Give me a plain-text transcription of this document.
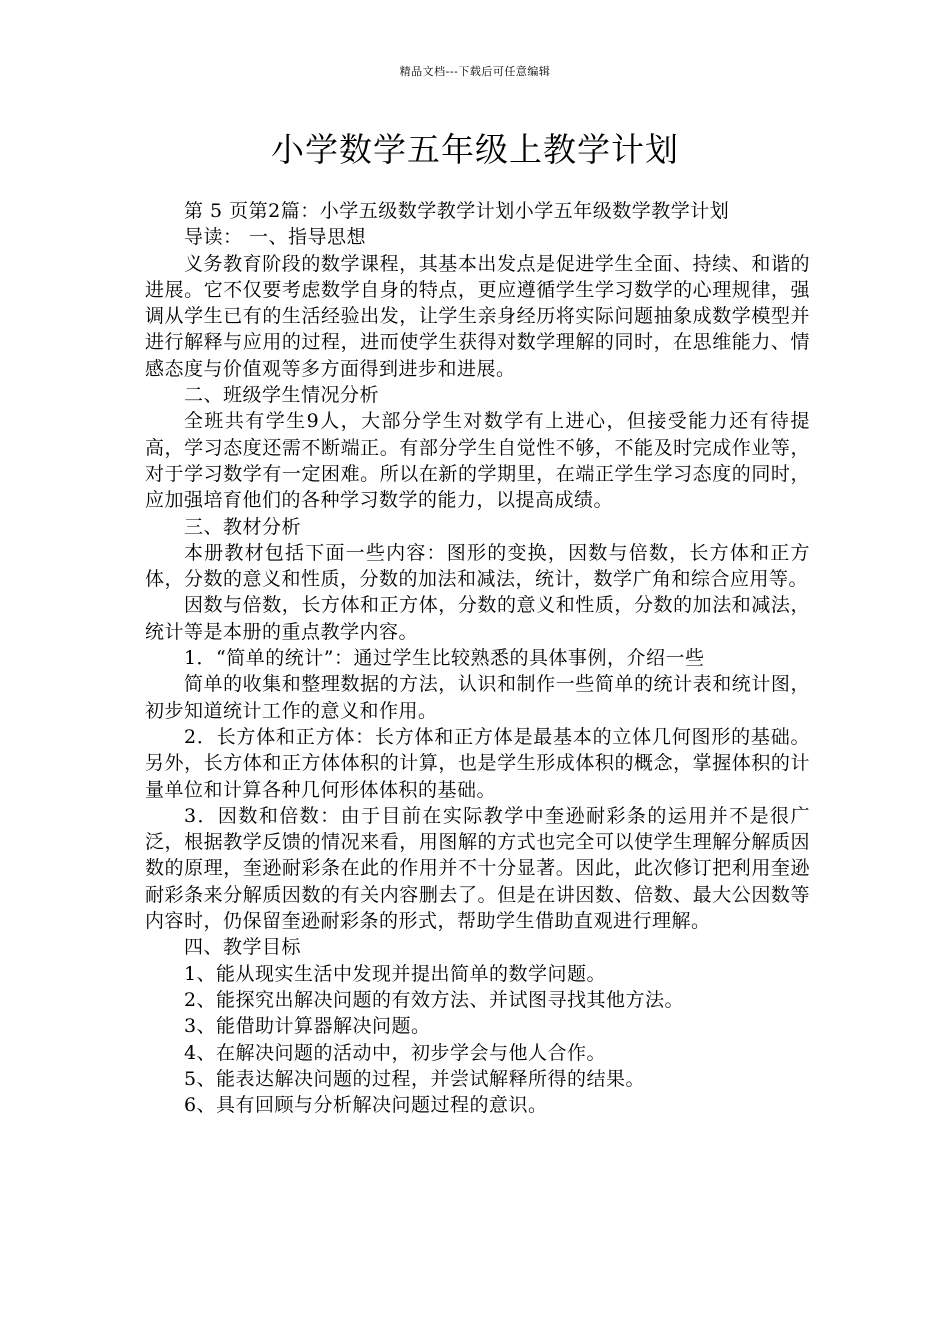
精品文档---下载后可任意编辑
小学数学五年级上教学计划

第 5 页第2篇：小学五级数学教学计划小学五年级数学教学计划

导读： 一、指导思想

义务教育阶段的数学课程，其基本出发点是促进学生全面、持续、和谐的进展。它不仅要考虑数学自身的特点，更应遵循学生学习数学的心理规律，强调从学生已有的生活经验出发，让学生亲身经历将实际问题抽象成数学模型并进行解释与应用的过程，进而使学生获得对数学理解的同时，在思维能力、情感态度与价值观等多方面得到进步和进展。

二、班级学生情况分析

全班共有学生9人，大部分学生对数学有上进心，但接受能力还有待提高，学习态度还需不断端正。有部分学生自觉性不够，不能及时完成作业等，对于学习数学有一定困难。所以在新的学期里，在端正学生学习态度的同时，应加强培育他们的各种学习数学的能力，以提高成绩。

三、教材分析

本册教材包括下面一些内容：图形的变换，因数与倍数，长方体和正方体，分数的意义和性质，分数的加法和减法，统计，数学广角和综合应用等。

因数与倍数，长方体和正方体，分数的意义和性质，分数的加法和减法，统计等是本册的重点教学内容。

1．“简单的统计”：通过学生比较熟悉的具体事例，介绍一些

简单的收集和整理数据的方法，认识和制作一些简单的统计表和统计图，初步知道统计工作的意义和作用。

2．长方体和正方体：长方体和正方体是最基本的立体几何图形的基础。另外，长方体和正方体体积的计算，也是学生形成体积的概念，掌握体积的计量单位和计算各种几何形体体积的基础。

3．因数和倍数：由于目前在实际教学中奎逊耐彩条的运用并不是很广泛，根据教学反馈的情况来看，用图解的方式也完全可以使学生理解分解质因数的原理，奎逊耐彩条在此的作用并不十分显著。因此，此次修订把利用奎逊耐彩条来分解质因数的有关内容删去了。但是在讲因数、倍数、最大公因数等内容时，仍保留奎逊耐彩条的形式，帮助学生借助直观进行理解。

四、教学目标

1、能从现实生活中发现并提出简单的数学问题。

2、能探究出解决问题的有效方法、并试图寻找其他方法。

3、能借助计算器解决问题。

4、在解决问题的活动中，初步学会与他人合作。

5、能表达解决问题的过程，并尝试解释所得的结果。

6、具有回顾与分析解决问题过程的意识。
